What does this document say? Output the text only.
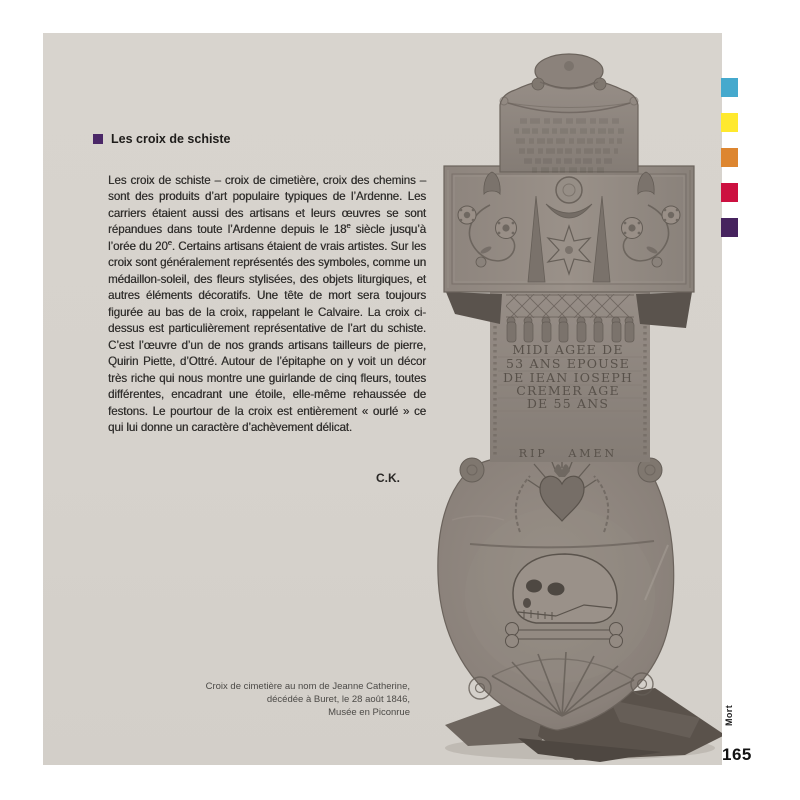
Les croix de schiste

Les croix de schiste – croix de cimetière, croix des chemins – sont des produits d’art populaire typiques de l’Ardenne. Les carriers étaient aussi des artisans et leurs œuvres se sont répandues dans toute l’Ardenne depuis le 18e siècle jusqu’à l’orée du 20e. Certains artisans étaient de vrais artistes. Sur les croix sont généralement représentés des symboles, comme un médaillon-soleil, des fleurs stylisées, des objets liturgiques, et autres éléments décoratifs. Une tête de mort sera toujours figurée au bas de la croix, rappelant le Calvaire. La croix ci-dessus est particulièrement représentative de l’art du schiste. C’est l’œuvre d’un de nos grands artisans tailleurs de pierre, Quirin Piette, d’Ottré. Autour de l’épitaphe on y voit un décor très riche qui nous montre une guirlande de cinq fleurs, toutes différentes, encadrant une étoile, elle-même rehaussée de festons. Le pourtour de la croix est entièrement « ourlé » ce qui lui donne un caractère d’achèvement délicat.

C.K.
Croix de cimetière au nom de Jeanne Catherine,
décédée à Buret, le 28 août 1846,
Musée en Piconrue
MIDI AGEE DE
53 ANS EPOUSE
DE IEAN IOSEPH
CREMER AGE
DE 55 ANS
RIP AMEN
Mort
165
